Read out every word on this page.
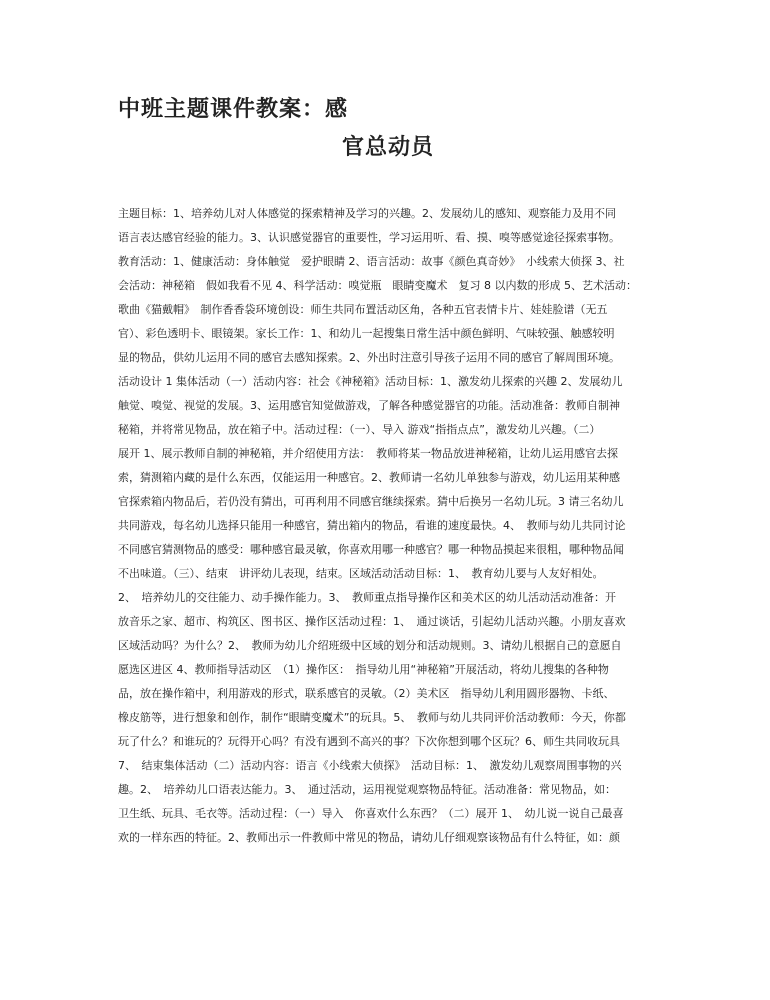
中班主题课件教案：感
官总动员
主题目标：1、培养幼儿对人体感觉的探索精神及学习的兴趣。2、发展幼儿的感知、观察能力及用不同
语言表达感官经验的能力。3、认识感觉器官的重要性，学习运用听、看、摸、嗅等感觉途径探索事物。
教育活动：1、健康活动：身体触觉　爱护眼睛 2、语言活动：故事《颜色真奇妙》　小线索大侦探 3、社
会活动：神秘箱　假如我看不见 4、科学活动：嗅觉瓶　眼睛变魔术　复习 8 以内数的形成 5、艺术活动：
歌曲《猫戴帽》　制作香香袋环境创设：师生共同布置活动区角，各种五官表情卡片、娃娃脸谱（无五
官）、彩色透明卡、眼镜架。家长工作：1、和幼儿一起搜集日常生活中颜色鲜明、气味较强、触感较明
显的物品，供幼儿运用不同的感官去感知探索。2、外出时注意引导孩子运用不同的感官了解周围环境。
活动设计 1 集体活动（一）活动内容：社会《神秘箱》活动目标：1、激发幼儿探索的兴趣 2、发展幼儿
触觉、嗅觉、视觉的发展。3、运用感官知觉做游戏，了解各种感觉器官的功能。活动准备：教师自制神
秘箱，并将常见物品，放在箱子中。活动过程：（一）、导入 游戏“指指点点”，激发幼儿兴趣。（二）
展开 1、展示教师自制的神秘箱，并介绍使用方法：　教师将某一物品放进神秘箱，让幼儿运用感官去探
索，猜测箱内藏的是什么东西，仅能运用一种感官。2、教师请一名幼儿单独参与游戏，幼儿运用某种感
官探索箱内物品后，若仍没有猜出，可再利用不同感官继续探索。猜中后换另一名幼儿玩。3 请三名幼儿
共同游戏，每名幼儿选择只能用一种感官，猜出箱内的物品，看谁的速度最快。4、　教师与幼儿共同讨论
不同感官猜测物品的感受：哪种感官最灵敏，你喜欢用哪一种感官？哪一种物品摸起来很粗，哪种物品闻
不出味道。（三）、结束　讲评幼儿表现，结束。区域活动活动目标：1、　教育幼儿要与人友好相处。
2、　培养幼儿的交往能力、动手操作能力。3、　教师重点指导操作区和美术区的幼儿活动活动准备：开
放音乐之家、超市、构筑区、图书区、操作区活动过程：1、　通过谈话，引起幼儿活动兴趣。小朋友喜欢
区域活动吗？为什么？2、　教师为幼儿介绍班级中区域的划分和活动规则。3、请幼儿根据自己的意愿自
愿选区进区 4、教师指导活动区　（1）操作区：　指导幼儿用“神秘箱”开展活动，将幼儿搜集的各种物
品，放在操作箱中，利用游戏的形式，联系感官的灵敏。（2）美术区　指导幼儿利用圆形器物、卡纸、
橡皮筋等，进行想象和创作，制作“眼睛变魔术”的玩具。5、　教师与幼儿共同评价活动教师：今天，你都
玩了什么？和谁玩的？玩得开心吗？有没有遇到不高兴的事？下次你想到哪个区玩？6、师生共同收玩具
7、　结束集体活动（二）活动内容：语言《小线索大侦探》　活动目标：1、　激发幼儿观察周围事物的兴
趣。2、　培养幼儿口语表达能力。3、　通过活动，运用视觉观察物品特征。活动准备：常见物品，如：
卫生纸、玩具、毛衣等。活动过程：（一）导入　你喜欢什么东西？（二）展开 1、　幼儿说一说自己最喜
欢的一样东西的特征。2、教师出示一件教师中常见的物品，请幼儿仔细观察该物品有什么特征，如：颜
